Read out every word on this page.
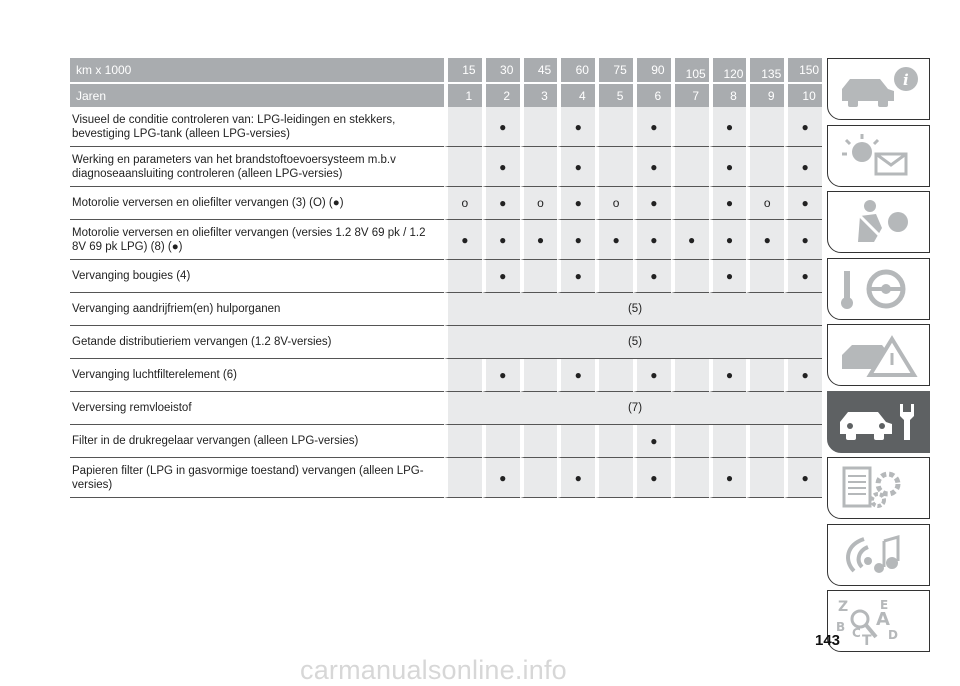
km x 1000	15	30	45	60	75	90	105	120	135	150
Jaren	1	2	3	4	5	6	7	8	9	10
Visueel de conditie controleren van: LPG-leidingen en stekkers, bevestiging LPG-tank (alleen LPG-versies)		●		●		●		●		●
Werking en parameters van het brandstoftoevoersysteem m.b.v diagnoseaansluiting controleren (alleen LPG-versies)		●		●		●		●		●
Motorolie verversen en oliefilter vervangen (3) (O) (●)	o	●	o	●	o	●		●	o	●
Motorolie verversen en oliefilter vervangen (versies 1.2 8V 69 pk / 1.2 8V 69 pk LPG) (8) (●)	●	●	●	●	●	●	●	●	●	●
Vervanging bougies (4)		●		●		●		●		●
Vervanging aandrijfriem(en) hulporganen	(5)									
Getande distributieriem vervangen (1.2 8V-versies)	(5)									
Vervanging luchtfilterelement (6)		●		●		●		●		●
Verversing remvloeistof	(7)									
Filter in de drukregelaar vervangen (alleen LPG-versies)						●				
Papieren filter (LPG in gasvormige toestand) vervangen (alleen LPG-versies)		●		●		●		●		●
i
Z	E
A
B C T D
143
carmanualsonline.info
